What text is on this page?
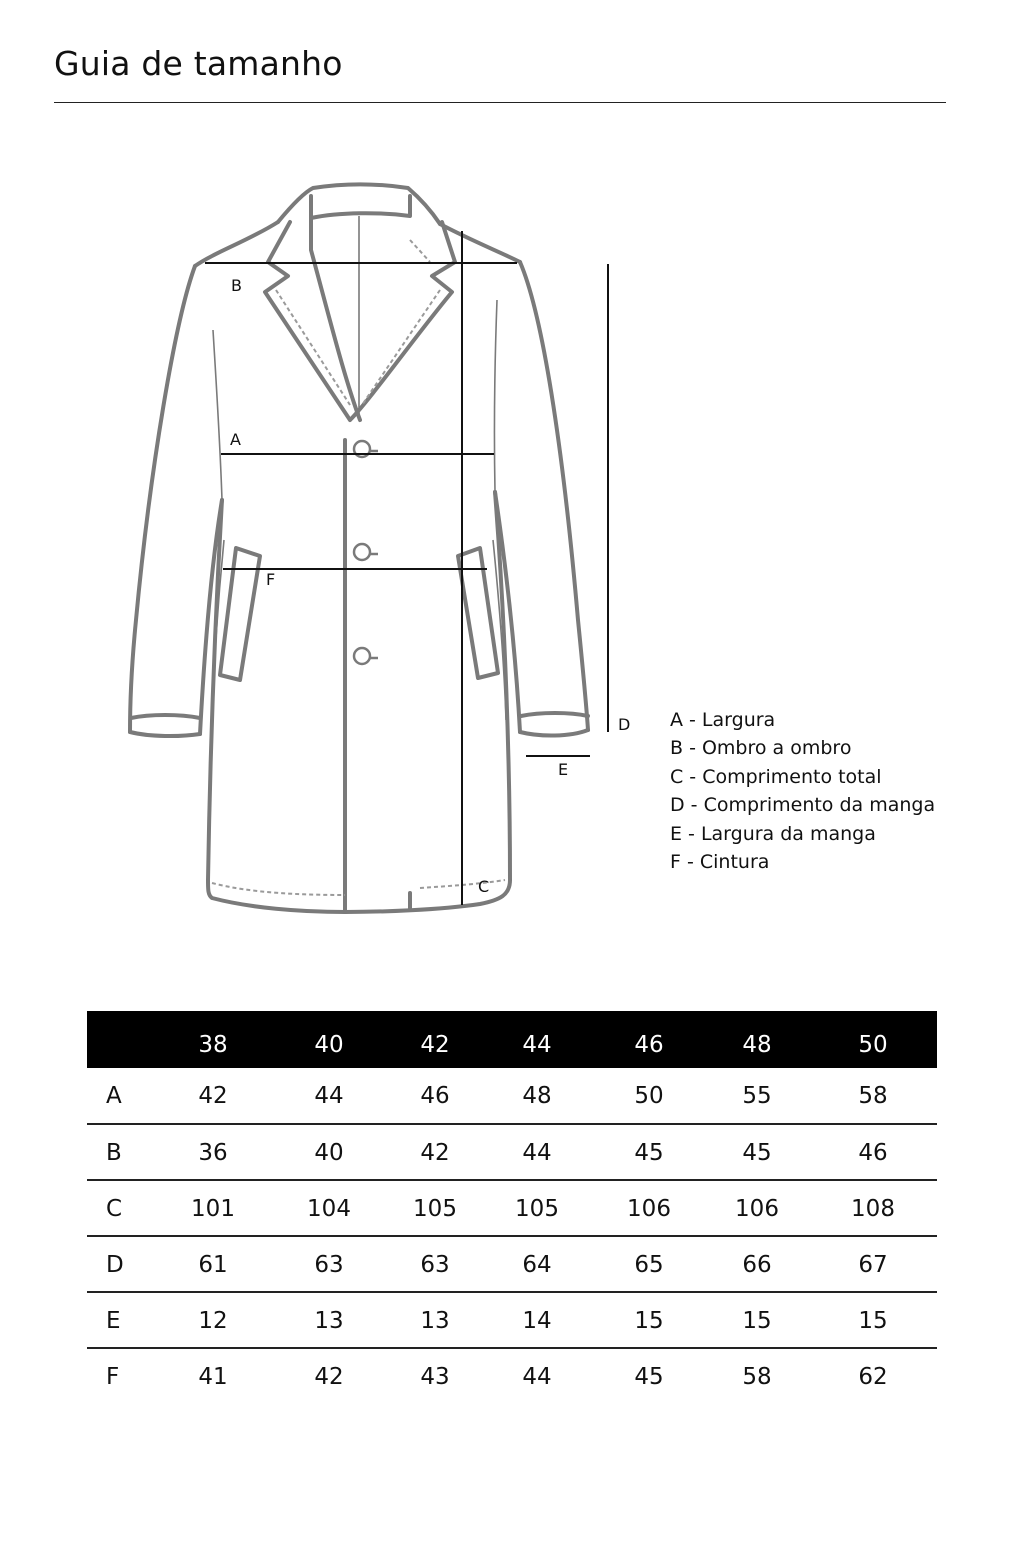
Guia de tamanho
B
A
F
C
D
E
A - Largura
B - Ombro a ombro
C - Comprimento total
D - Comprimento da manga
E - Largura da manga
F - Cintura
	38	40	42	44	46	48	50
A	42	44	46	48	50	55	58
B	36	40	42	44	45	45	46
C	101	104	105	105	106	106	108
D	61	63	63	64	65	66	67
E	12	13	13	14	15	15	15
F	41	42	43	44	45	58	62
